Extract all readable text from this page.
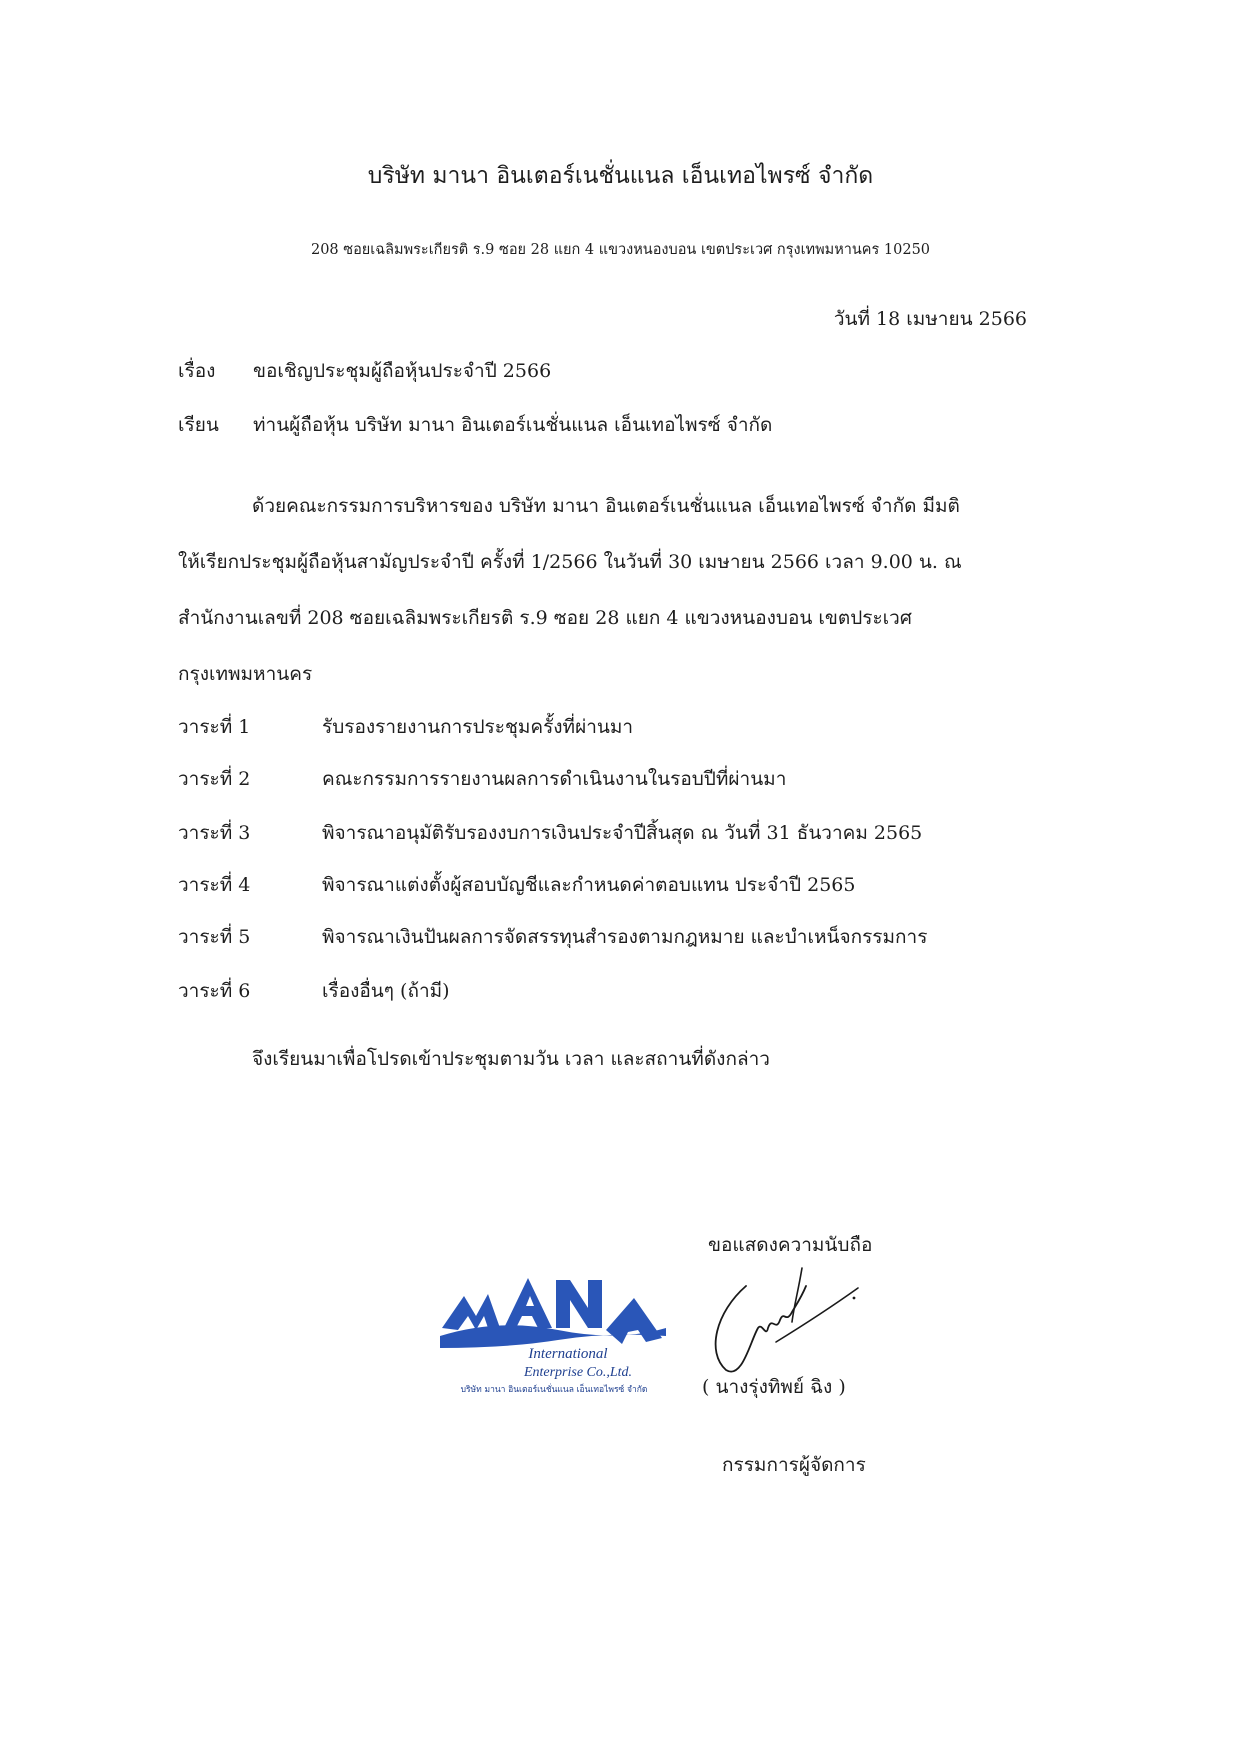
บริษัท มานา อินเตอร์เนชั่นแนล เอ็นเทอไพรซ์ จำกัด
208 ซอยเฉลิมพระเกียรติ ร.9 ซอย 28 แยก 4 แขวงหนองบอน เขตประเวศ กรุงเทพมหานคร 10250
วันที่ 18 เมษายน 2566
เรื่อง ขอเชิญประชุมผู้ถือหุ้นประจำปี 2566
เรียน ท่านผู้ถือหุ้น บริษัท มานา อินเตอร์เนชั่นแนล เอ็นเทอไพรซ์ จำกัด
ด้วยคณะกรรมการบริหารของ บริษัท มานา อินเตอร์เนชั่นแนล เอ็นเทอไพรซ์ จำกัด มีมติ
ให้เรียกประชุมผู้ถือหุ้นสามัญประจำปี ครั้งที่ 1/2566 ในวันที่ 30 เมษายน 2566 เวลา 9.00 น. ณ
สำนักงานเลขที่ 208 ซอยเฉลิมพระเกียรติ ร.9 ซอย 28 แยก 4 แขวงหนองบอน เขตประเวศ
กรุงเทพมหานคร
วาระที่ 1	รับรองรายงานการประชุมครั้งที่ผ่านมา
วาระที่ 2	คณะกรรมการรายงานผลการดำเนินงานในรอบปีที่ผ่านมา
วาระที่ 3	พิจารณาอนุมัติรับรองงบการเงินประจำปีสิ้นสุด ณ วันที่ 31 ธันวาคม 2565
วาระที่ 4	พิจารณาแต่งตั้งผู้สอบบัญชีและกำหนดค่าตอบแทน ประจำปี 2565
วาระที่ 5	พิจารณาเงินปันผลการจัดสรรทุนสำรองตามกฎหมาย และบำเหน็จกรรมการ
วาระที่ 6	เรื่องอื่นๆ (ถ้ามี)
จึงเรียนมาเพื่อโปรดเข้าประชุมตามวัน เวลา และสถานที่ดังกล่าว
ขอแสดงความนับถือ
International
Enterprise Co.,Ltd.
บริษัท มานา อินเตอร์เนชั่นแนล เอ็นเทอไพรซ์ จำกัด	( นางรุ่งทิพย์ ฉิง )
กรรมการผู้จัดการ
